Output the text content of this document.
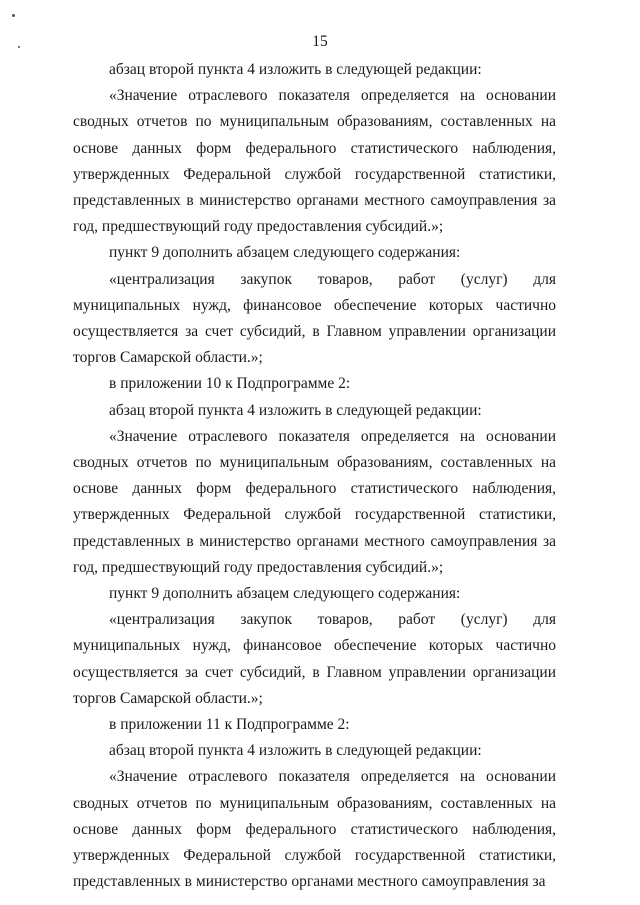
15

абзац второй пункта 4 изложить в следующей редакции:

«Значение отраслевого показателя определяется на основании сводных отчетов по муниципальным образованиям, составленных на основе данных форм федерального статистического наблюдения, утвержденных Федеральной службой государственной статистики, представленных в министерство органами местного самоуправления за год, предшествующий году предоставления субсидий.»;

пункт 9 дополнить абзацем следующего содержания:

«централизация закупок товаров, работ (услуг) для муниципальных нужд, финансовое обеспечение которых частично осуществляется за счет субсидий, в Главном управлении организации торгов Самарской области.»;

в приложении 10 к Подпрограмме 2:

абзац второй пункта 4 изложить в следующей редакции:

«Значение отраслевого показателя определяется на основании сводных отчетов по муниципальным образованиям, составленных на основе данных форм федерального статистического наблюдения, утвержденных Федеральной службой государственной статистики, представленных в министерство органами местного самоуправления за год, предшествующий году предоставления субсидий.»;

пункт 9 дополнить абзацем следующего содержания:

«централизация закупок товаров, работ (услуг) для муниципальных нужд, финансовое обеспечение которых частично осуществляется за счет субсидий, в Главном управлении организации торгов Самарской области.»;

в приложении 11 к Подпрограмме 2:

абзац второй пункта 4 изложить в следующей редакции:

«Значение отраслевого показателя определяется на основании сводных отчетов по муниципальным образованиям, составленных на основе данных форм федерального статистического наблюдения, утвержденных Федеральной службой государственной статистики, представленных в министерство органами местного самоуправления за
